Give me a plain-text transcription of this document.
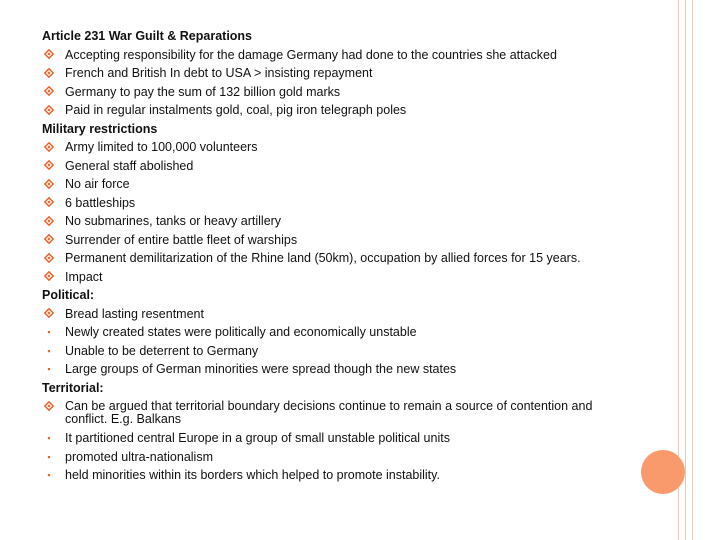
Article 231 War Guilt & Reparations
Accepting responsibility for the damage Germany had done to the countries she attacked
French and British In debt to USA > insisting repayment
Germany to pay the sum of 132 billion gold marks
Paid in regular instalments gold, coal, pig iron telegraph poles
Military restrictions
Army limited to 100,000 volunteers
General staff abolished
No air force
6 battleships
No submarines, tanks or heavy artillery
Surrender of entire battle fleet of warships
Permanent demilitarization of the Rhine land (50km), occupation by allied forces for 15 years.
Impact
Political:
Bread lasting resentment
▪	Newly created states were politically and economically unstable
▪	Unable to be deterrent to Germany
▪	Large groups of German minorities were spread though the new states
Territorial:
Can be argued that territorial boundary decisions continue to remain a source of contention and conflict. E.g. Balkans
▪	It partitioned central Europe in a group of small unstable political units
▪	promoted ultra-nationalism
▪	held minorities within its borders which helped to promote instability.
